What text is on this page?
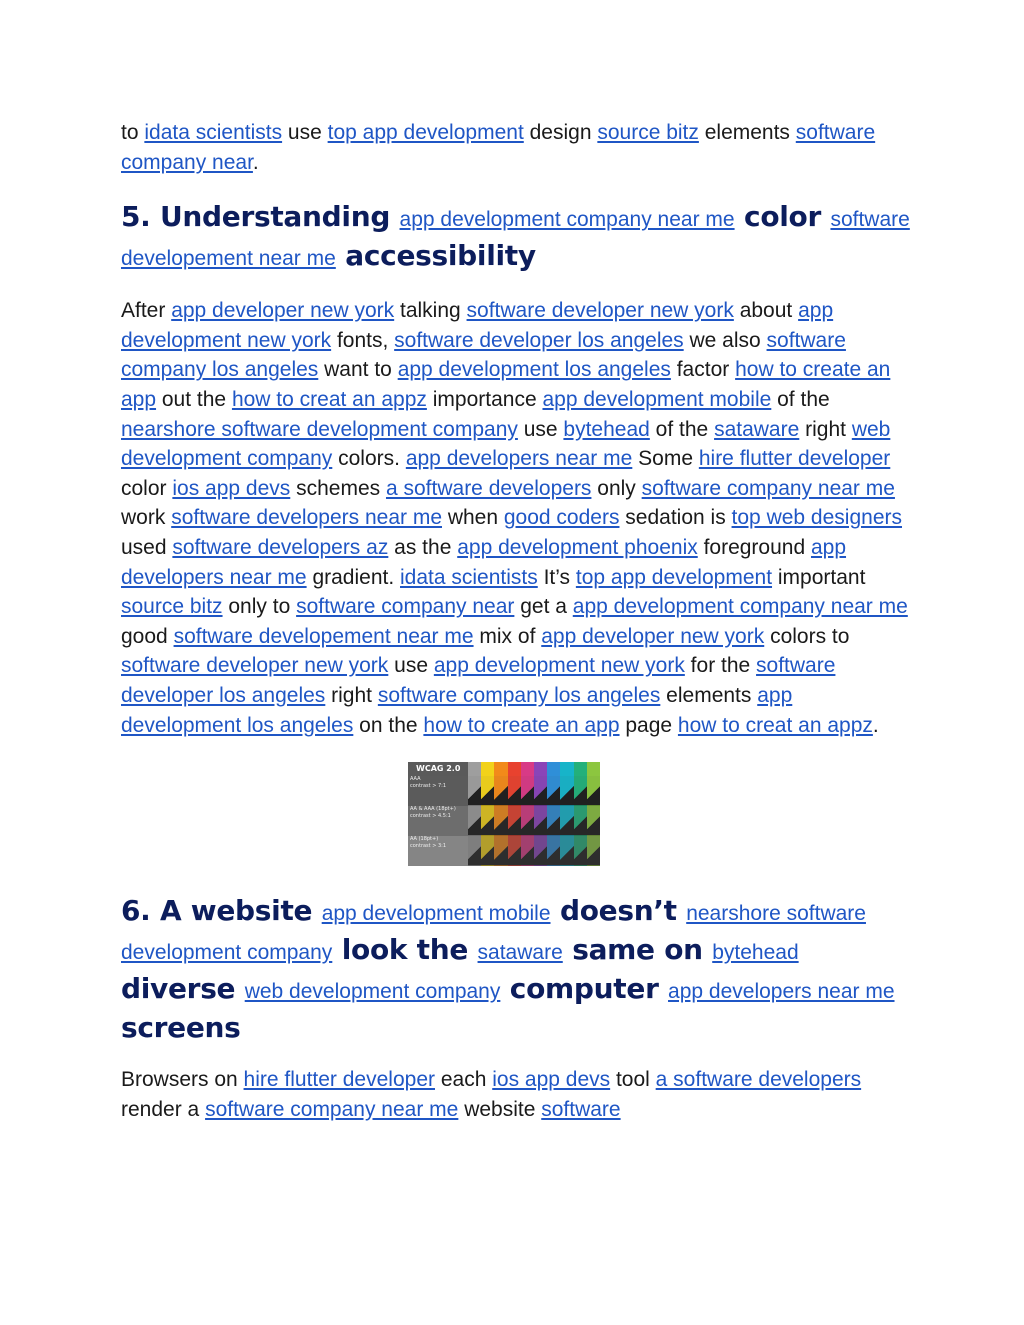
to idata scientists use top app development design source bitz elements software company near.

5. Understanding app development company near me color software developement near me accessibility

After app developer new york talking software developer new york about app development new york fonts, software developer los angeles we also software company los angeles want to app development los angeles factor how to create an app out the how to creat an appz importance app development mobile of the nearshore software development company use bytehead of the sataware right web development company colors. app developers near me Some hire flutter developer color ios app devs schemes a software developers only software company near me work software developers near me when good coders sedation is top web designers used software developers az as the app development phoenix foreground app developers near me gradient. idata scientists It’s top app development important source bitz only to software company near get a app development company near me good software developement near me mix of app developer new york colors to software developer new york use app development new york for the software developer los angeles right software company los angeles elements app development los angeles on the how to create an app page how to creat an appz.

WCAG 2.0
AAA
contrast > 7:1
AA & AAA (18pt+)
contrast > 4.5:1
AA (18pt+)
contrast > 3:1
6. A website app development mobile doesn’t nearshore software development company look the sataware same on bytehead diverse web development company computer app developers near me screens

Browsers on hire flutter developer each ios app devs tool a software developers render a software company near me website software
